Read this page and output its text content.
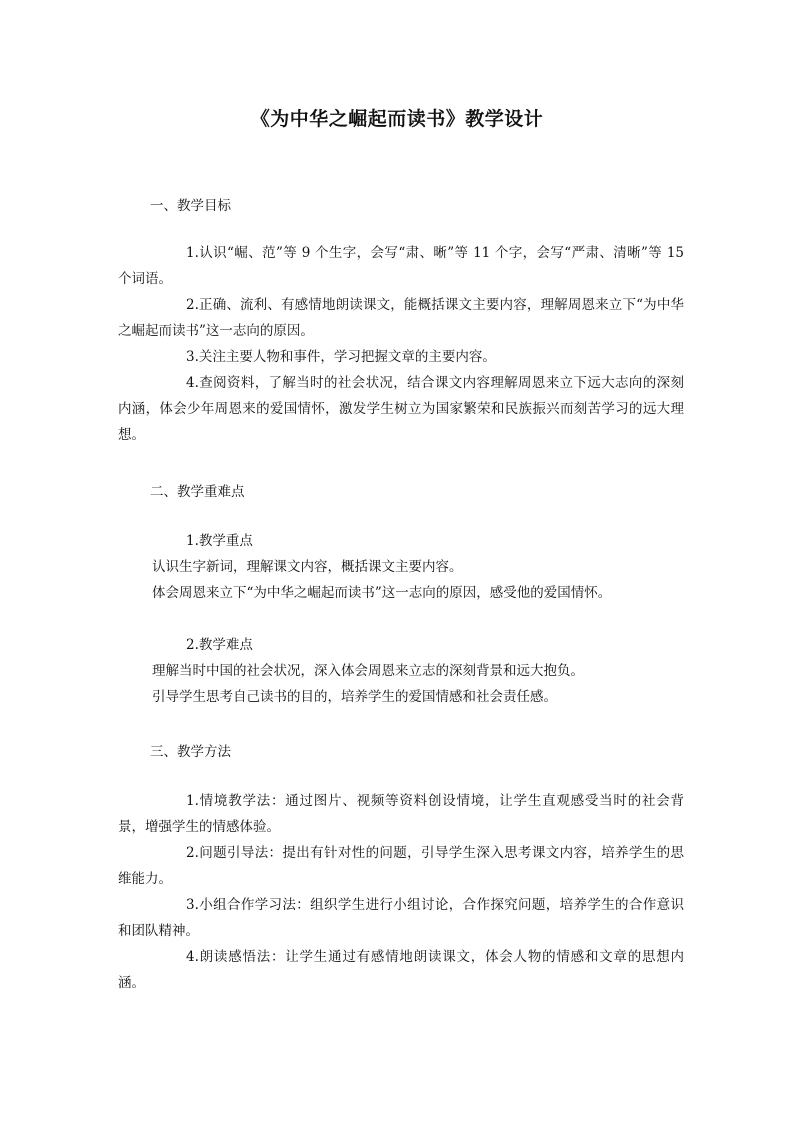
《为中华之崛起而读书》教学设计

一、教学目标

1.认识“崛、范”等 9 个生字，会写“肃、晰”等 11 个字，会写“严肃、清晰”等 15 个词语。

2.正确、流利、有感情地朗读课文，能概括课文主要内容，理解周恩来立下“为中华之崛起而读书”这一志向的原因。

3.关注主要人物和事件，学习把握文章的主要内容。

4.查阅资料，了解当时的社会状况，结合课文内容理解周恩来立下远大志向的深刻内涵，体会少年周恩来的爱国情怀，激发学生树立为国家繁荣和民族振兴而刻苦学习的远大理想。

二、教学重难点

1.教学重点

认识生字新词，理解课文内容，概括课文主要内容。

体会周恩来立下“为中华之崛起而读书”这一志向的原因，感受他的爱国情怀。

2.教学难点

理解当时中国的社会状况，深入体会周恩来立志的深刻背景和远大抱负。

引导学生思考自己读书的目的，培养学生的爱国情感和社会责任感。

三、教学方法

1.情境教学法：通过图片、视频等资料创设情境，让学生直观感受当时的社会背景，增强学生的情感体验。

2.问题引导法：提出有针对性的问题，引导学生深入思考课文内容，培养学生的思维能力。

3.小组合作学习法：组织学生进行小组讨论，合作探究问题，培养学生的合作意识和团队精神。

4.朗读感悟法：让学生通过有感情地朗读课文，体会人物的情感和文章的思想内涵。
